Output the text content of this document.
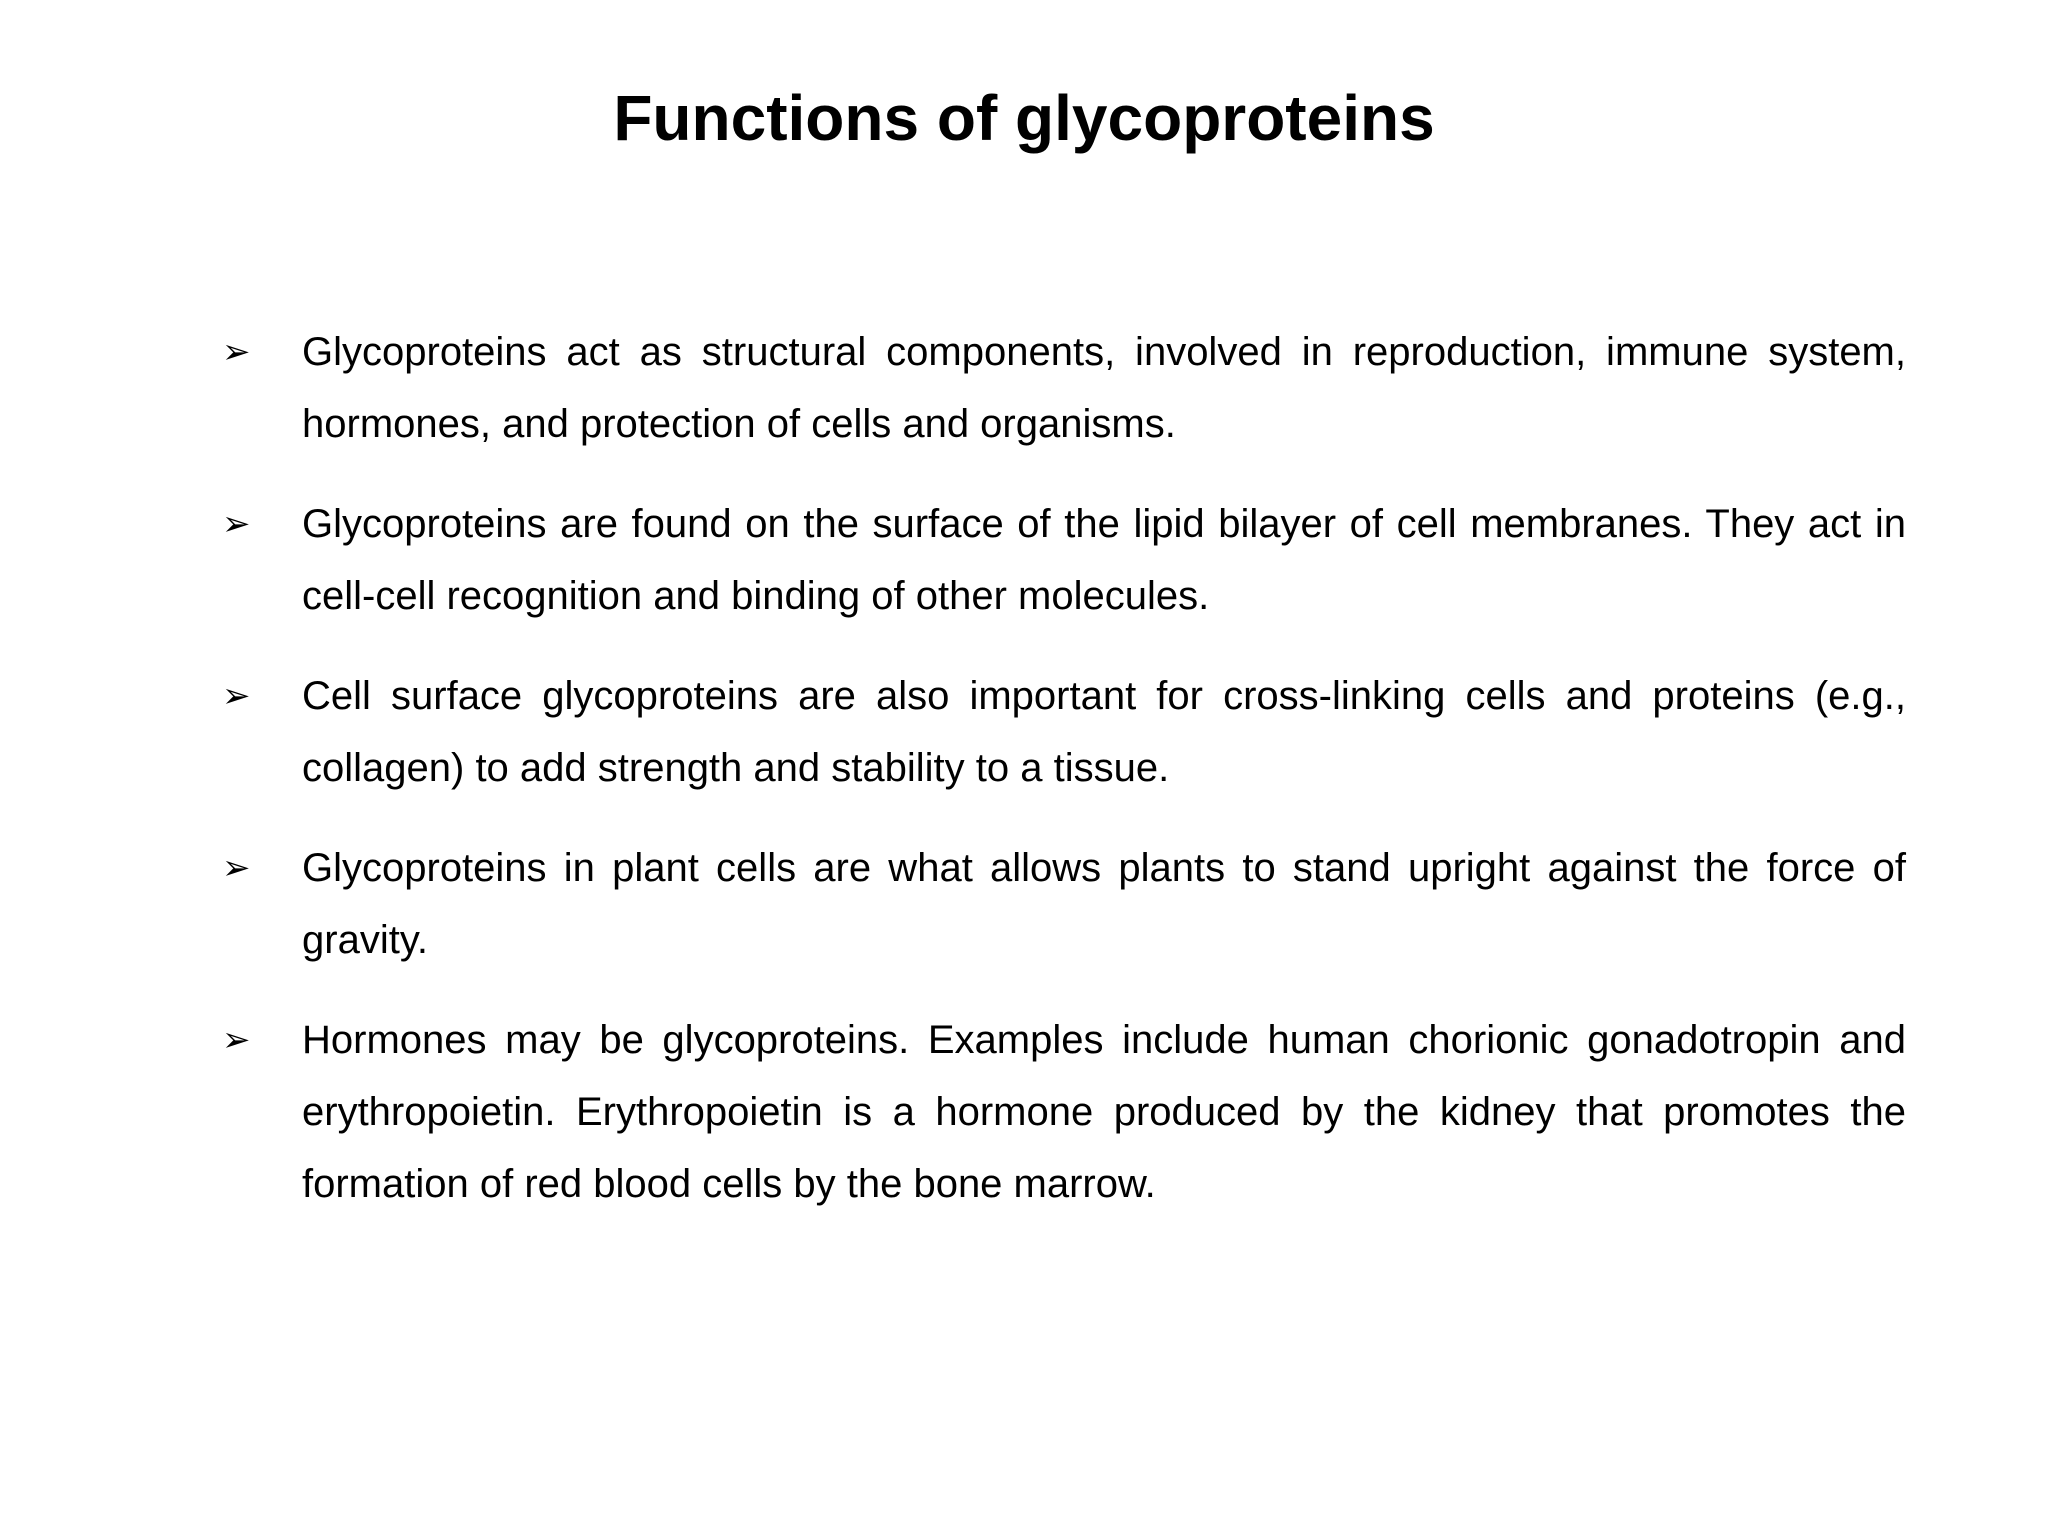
Functions of glycoproteins
➢	Glycoproteins act as structural components, involved in reproduction, immune system, hormones, and protection of cells and organisms.
➢	Glycoproteins are found on the surface of the lipid bilayer of cell membranes. They act in cell-cell recognition and binding of other molecules.
➢	Cell surface glycoproteins are also important for cross-linking cells and proteins (e.g., collagen) to add strength and stability to a tissue.
➢	Glycoproteins in plant cells are what allows plants to stand upright against the force of gravity.
➢	Hormones may be glycoproteins. Examples include human chorionic gonadotropin and erythropoietin. Erythropoietin is a hormone produced by the kidney that promotes the formation of red blood cells by the bone marrow.
